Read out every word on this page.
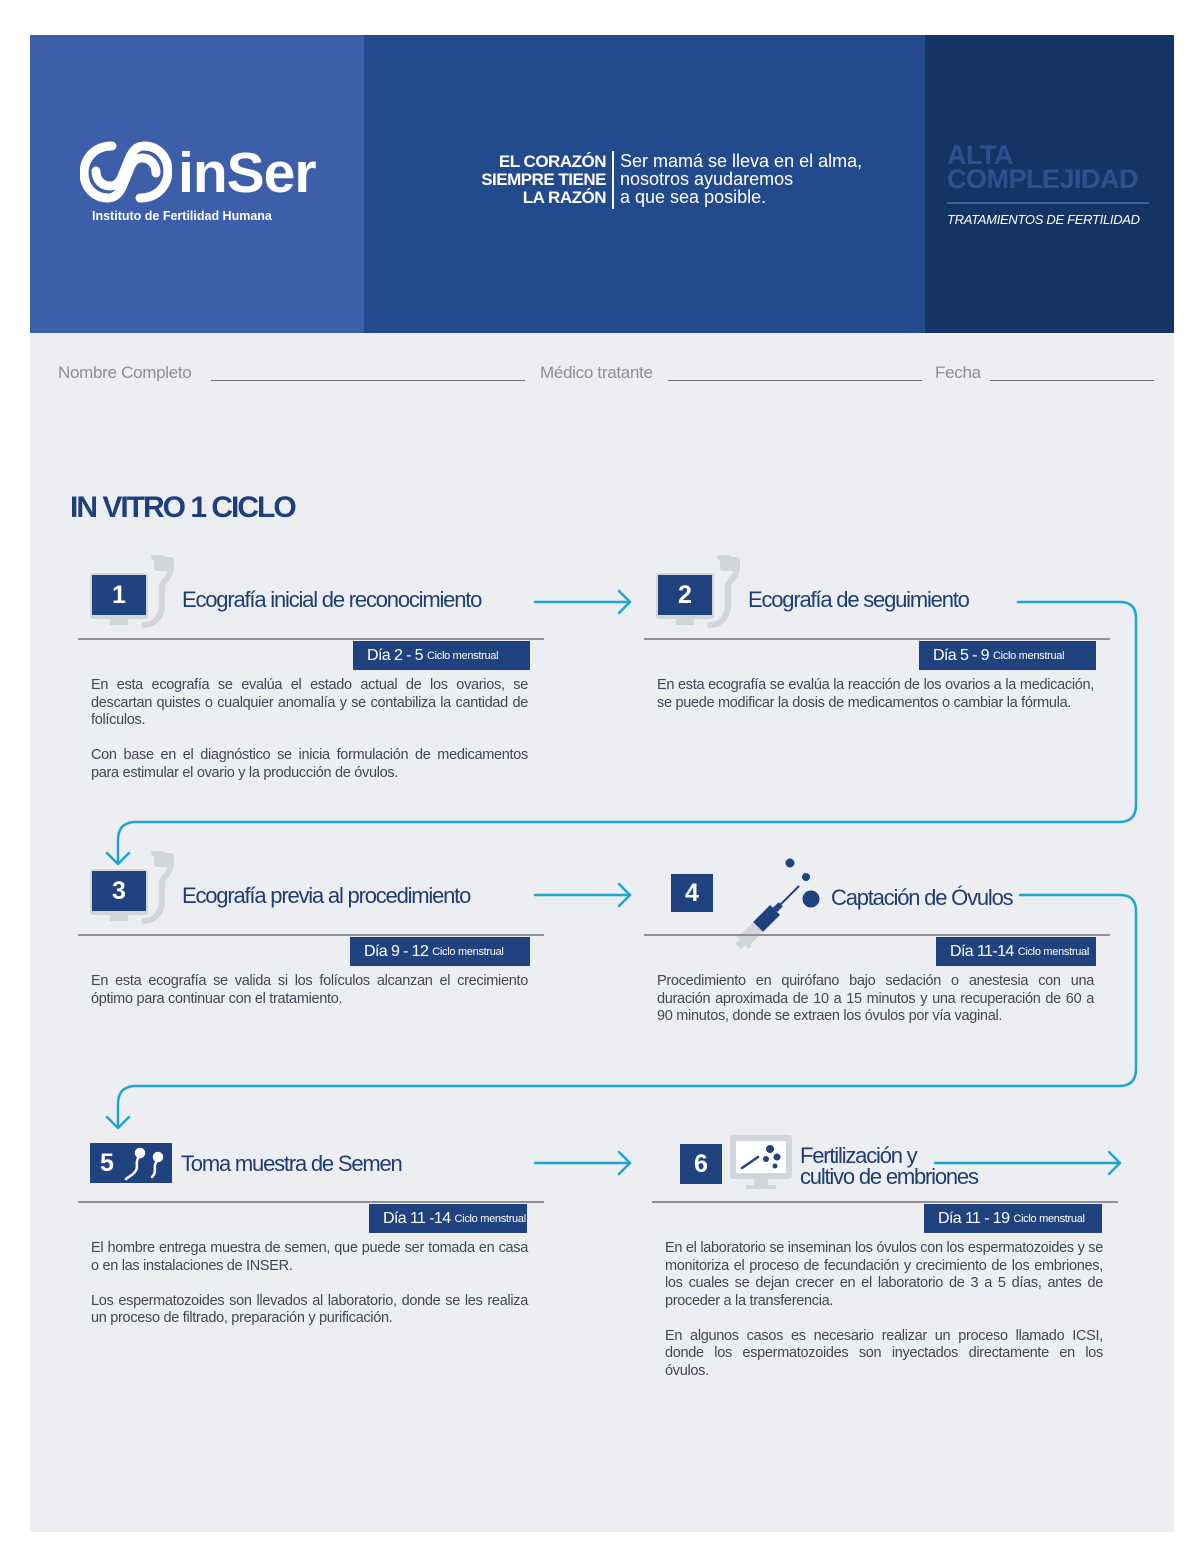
inSer
Instituto de Fertilidad Humana
EL CORAZÓN
SIEMPRE TIENE
LA RAZÓN
Ser mamá se lleva en el alma,
nosotros ayudaremos
a que sea posible.
ALTA
COMPLEJIDAD
TRATAMIENTOS DE FERTILIDAD
Nombre Completo	Médico tratante	Fecha
IN VITRO 1 CICLO
1	Ecografía inicial de reconocimiento
Día 2 - 5 Ciclo menstrual

En esta ecografía se evalúa el estado actual de los ovarios, se descartan quistes o cualquier anomalía y se contabiliza la cantidad de folículos.

Con base en el diagnóstico se inicia formulación de medicamentos para estimular el ovario y la producción de óvulos.

2	Ecografía de seguimiento
Día 5 - 9 Ciclo menstrual

En esta ecografía se evalúa la reacción de los ovarios a la medicación, se puede modificar la dosis de medicamentos o cambiar la fórmula.

3	Ecografía previa al procedimiento
Día 9 - 12 Ciclo menstrual

En esta ecografía se valida si los folículos alcanzan el crecimiento óptimo para continuar con el tratamiento.

4	Captación de Óvulos
Día 11-14 Ciclo menstrual

Procedimiento en quirófano bajo sedación o anestesia con una duración aproximada de 10 a 15 minutos y una recuperación de 60 a 90 minutos, donde se extraen los óvulos por vía vaginal.

5	Toma muestra de Semen
Día 11 -14 Ciclo menstrual

El hombre entrega muestra de semen, que puede ser tomada en casa o en las instalaciones de INSER.

Los espermatozoides son llevados al laboratorio, donde se les realiza un proceso de filtrado, preparación y purificación.

6	Fertilización y
cultivo de embriones
Día 11 - 19 Ciclo menstrual

En el laboratorio se inseminan los óvulos con los espermatozoides y se monitoriza el proceso de fecundación y crecimiento de los embriones, los cuales se dejan crecer en el laboratorio de 3 a 5 días, antes de proceder a la transferencia.

En algunos casos es necesario realizar un proceso llamado ICSI, donde los espermatozoides son inyectados directamente en los óvulos.
